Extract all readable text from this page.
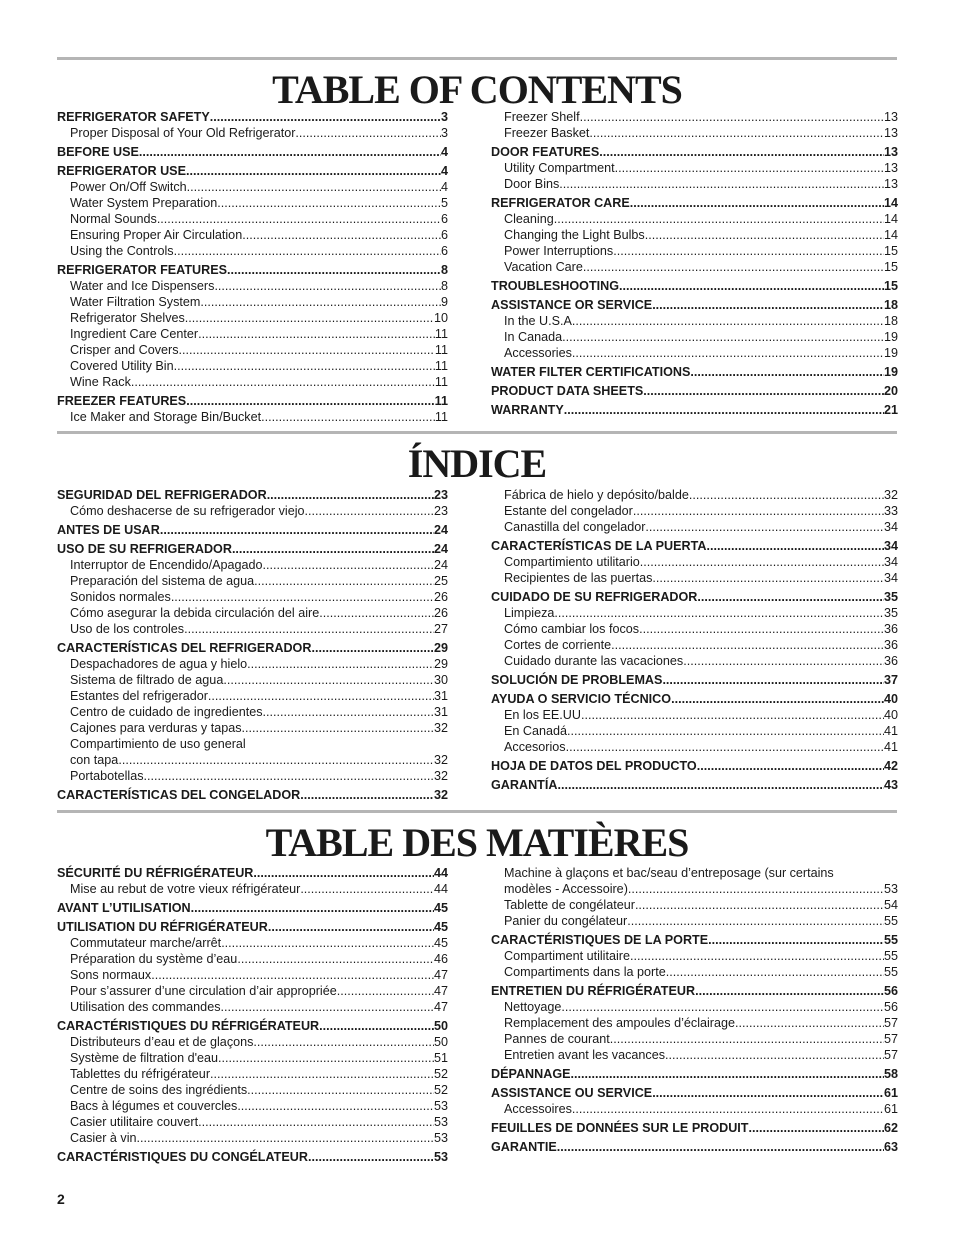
TABLE OF CONTENTS
REFRIGERATOR SAFETY .....	3
Proper Disposal of Your Old Refrigerator .....	3
BEFORE USE .....	4
REFRIGERATOR USE .....	4
Power On/Off Switch .....	4
Water System Preparation .....	5
Normal Sounds .....	6
Ensuring Proper Air Circulation .....	6
Using the Controls .....	6
REFRIGERATOR FEATURES .....	8
Water and Ice Dispensers .....	8
Water Filtration System .....	9
Refrigerator Shelves .....	10
Ingredient Care Center .....	11
Crisper and Covers .....	11
Covered Utility Bin .....	11
Wine Rack .....	11
FREEZER FEATURES .....	11
Ice Maker and Storage Bin/Bucket .....	11
Freezer Shelf .....	13
Freezer Basket .....	13
DOOR FEATURES .....	13
Utility Compartment .....	13
Door Bins .....	13
REFRIGERATOR CARE .....	14
Cleaning .....	14
Changing the Light Bulbs .....	14
Power Interruptions .....	15
Vacation Care .....	15
TROUBLESHOOTING .....	15
ASSISTANCE OR SERVICE .....	18
In the U.S.A. .....	18
In Canada .....	19
Accessories .....	19
WATER FILTER CERTIFICATIONS .....	19
PRODUCT DATA SHEETS .....	20
WARRANTY .....	21
ÍNDICE
SEGURIDAD DEL REFRIGERADOR .....	23
Cómo deshacerse de su refrigerador viejo .....	23
ANTES DE USAR .....	24
USO DE SU REFRIGERADOR .....	24
Interruptor de Encendido/Apagado .....	24
Preparación del sistema de agua .....	25
Sonidos normales .....	26
Cómo asegurar la debida circulación del aire .....	26
Uso de los controles .....	27
CARACTERÍSTICAS DEL REFRIGERADOR .....	29
Despachadores de agua y hielo .....	29
Sistema de filtrado de agua .....	30
Estantes del refrigerador .....	31
Centro de cuidado de ingredientes .....	31
Cajones para verduras y tapas .....	32
Compartimiento de uso general
con tapa .....	32
Portabotellas .....	32
CARACTERÍSTICAS DEL CONGELADOR .....	32
Fábrica de hielo y depósito/balde .....	32
Estante del congelador .....	33
Canastilla del congelador .....	34
CARACTERÍSTICAS DE LA PUERTA .....	34
Compartimiento utilitario .....	34
Recipientes de las puertas .....	34
CUIDADO DE SU REFRIGERADOR .....	35
Limpieza .....	35
Cómo cambiar los focos .....	36
Cortes de corriente .....	36
Cuidado durante las vacaciones .....	36
SOLUCIÓN DE PROBLEMAS .....	37
AYUDA O SERVICIO TÉCNICO .....	40
En los EE.UU. .....	40
En Canadá .....	41
Accesorios .....	41
HOJA DE DATOS DEL PRODUCTO .....	42
GARANTÍA .....	43
TABLE DES MATIÈRES
SÉCURITÉ DU RÉFRIGÉRATEUR .....	44
Mise au rebut de votre vieux réfrigérateur .....	44
AVANT L’UTILISATION .....	45
UTILISATION DU RÉFRIGÉRATEUR .....	45
Commutateur marche/arrêt .....	45
Préparation du système d’eau .....	46
Sons normaux .....	47
Pour s’assurer d’une circulation d’air appropriée .....	47
Utilisation des commandes .....	47
CARACTÉRISTIQUES DU RÉFRIGÉRATEUR .....	50
Distributeurs d’eau et de glaçons .....	50
Système de filtration d'eau .....	51
Tablettes du réfrigérateur .....	52
Centre de soins des ingrédients .....	52
Bacs à légumes et couvercles .....	53
Casier utilitaire couvert .....	53
Casier à vin .....	53
CARACTÉRISTIQUES DU CONGÉLATEUR .....	53
Machine à glaçons et bac/seau d’entreposage (sur certains
modèles - Accessoire) .....	53
Tablette de congélateur .....	54
Panier du congélateur .....	55
CARACTÉRISTIQUES DE LA PORTE .....	55
Compartiment utilitaire .....	55
Compartiments dans la porte .....	55
ENTRETIEN DU RÉFRIGÉRATEUR .....	56
Nettoyage .....	56
Remplacement des ampoules d’éclairage .....	57
Pannes de courant .....	57
Entretien avant les vacances .....	57
DÉPANNAGE .....	58
ASSISTANCE OU SERVICE .....	61
Accessoires .....	61
FEUILLES DE DONNÉES SUR LE PRODUIT .....	62
GARANTIE .....	63
2
